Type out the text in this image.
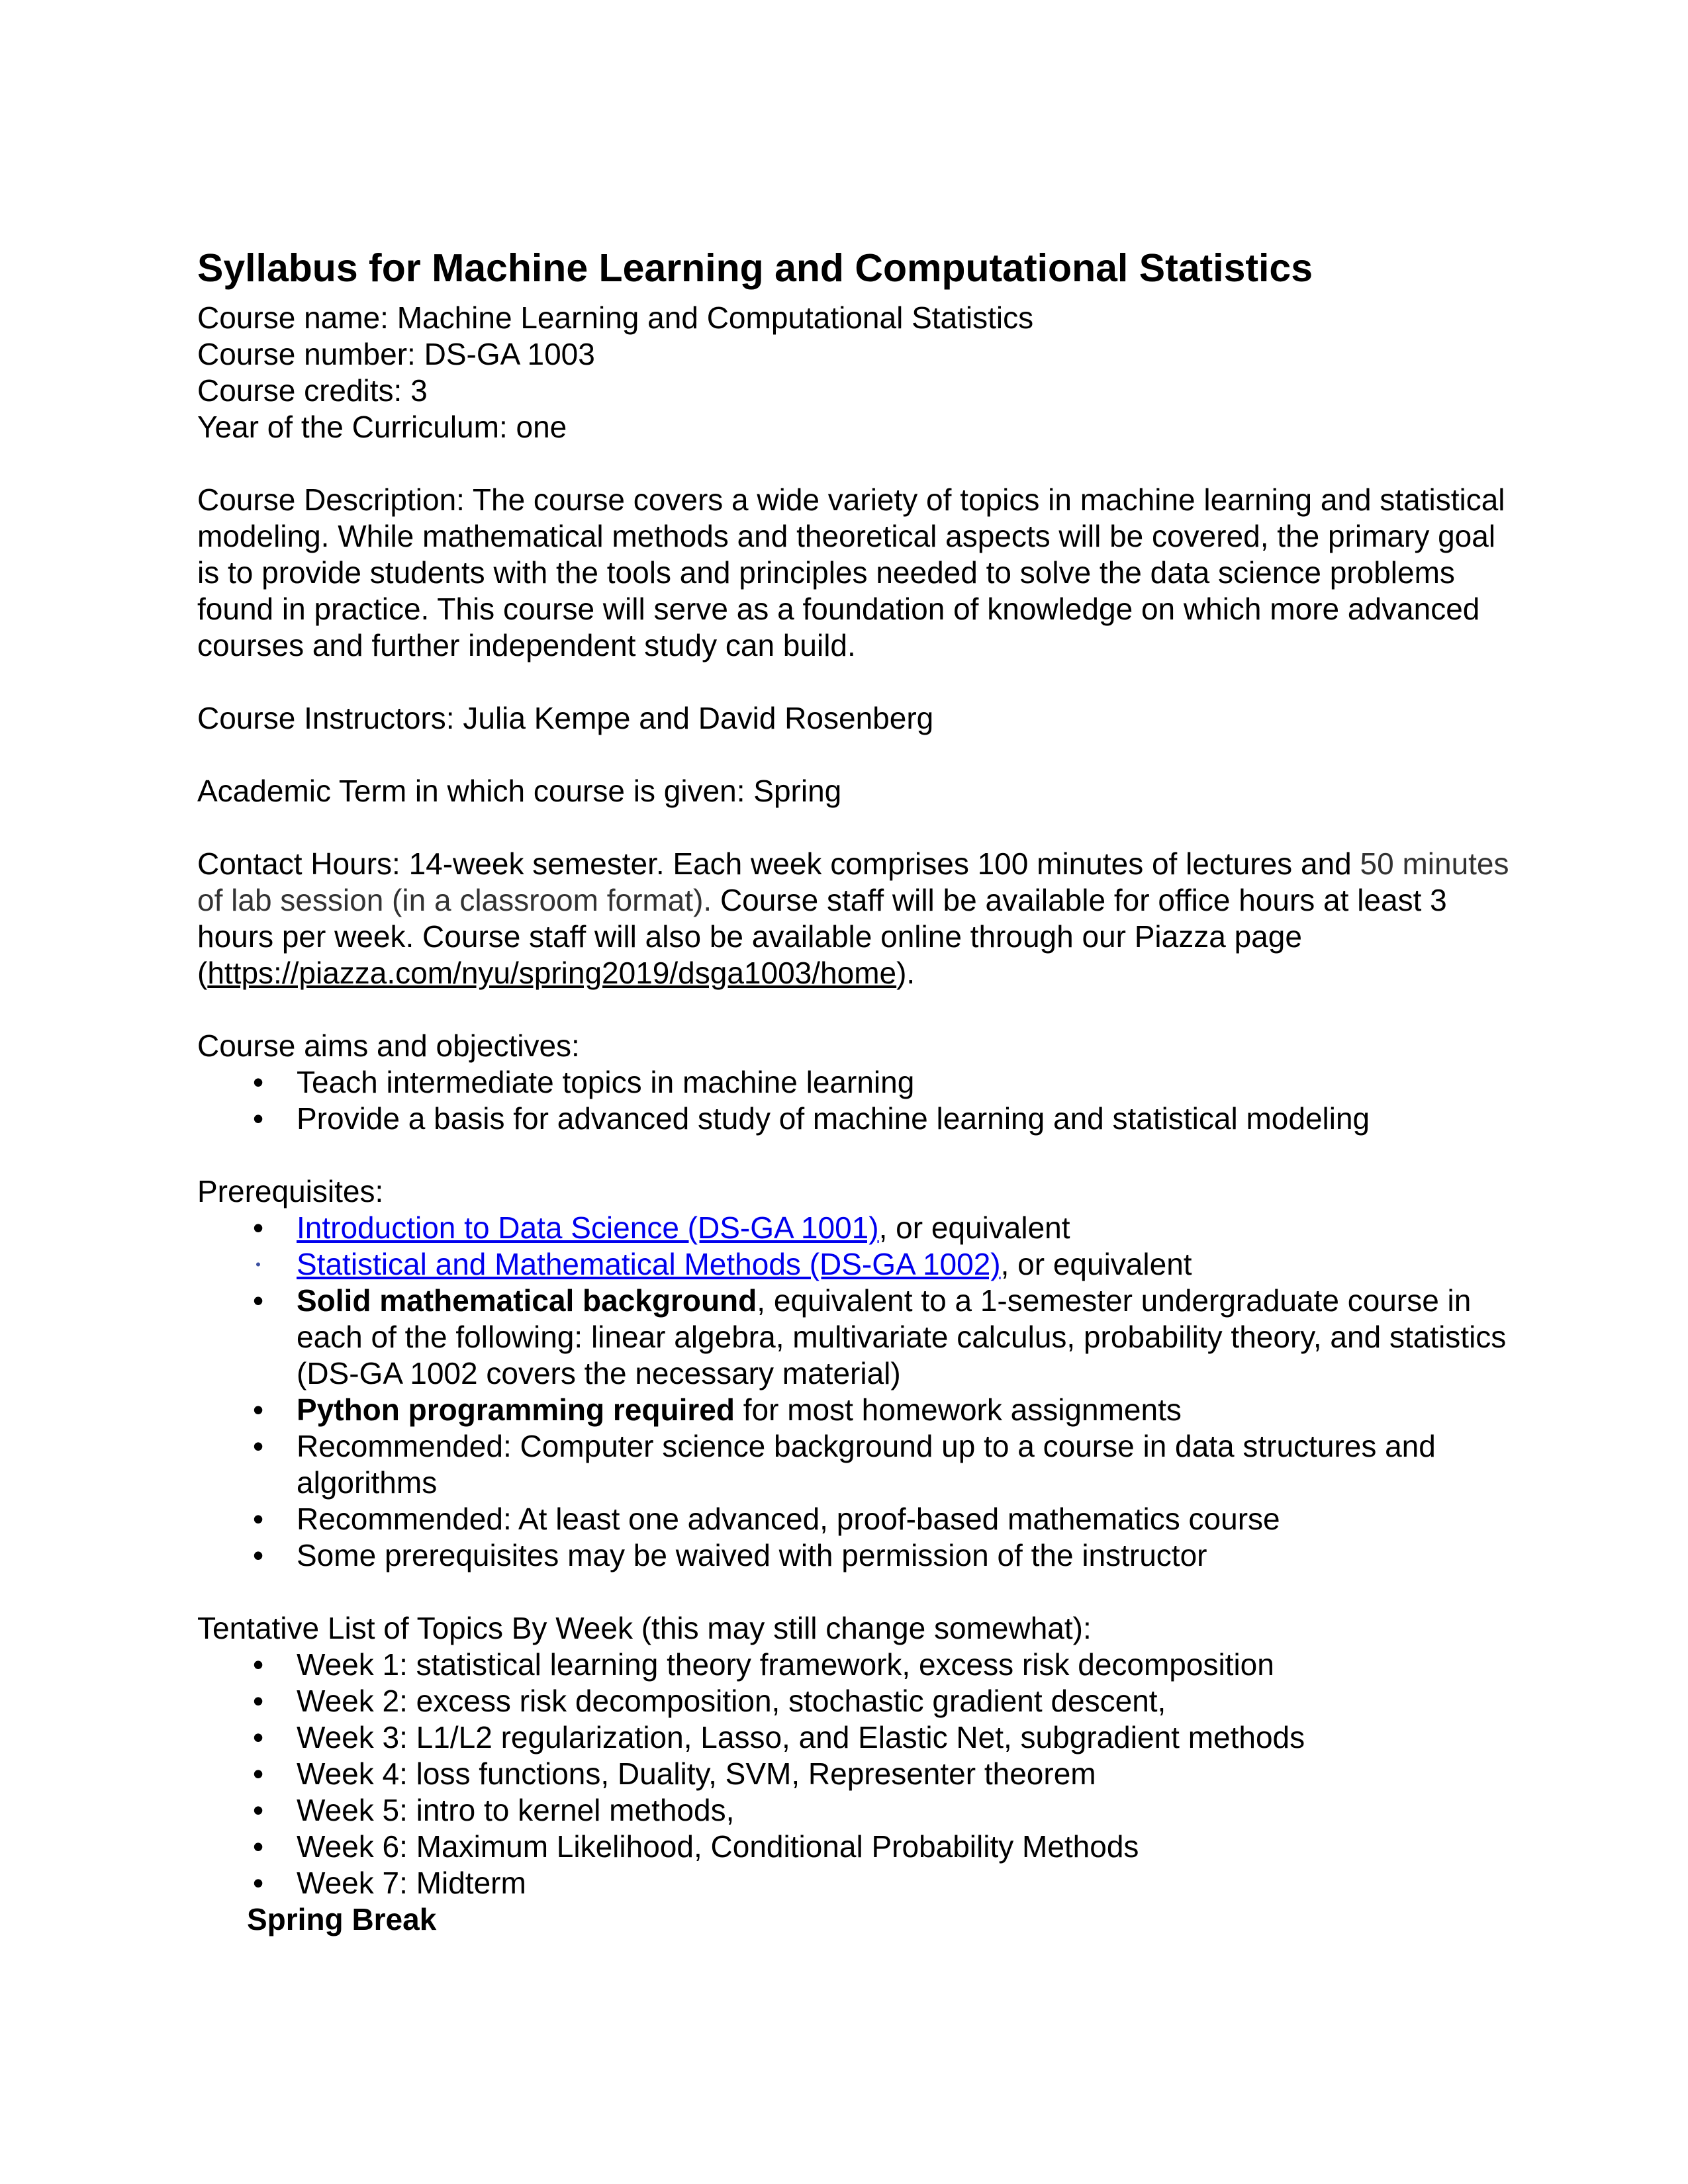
Syllabus for Machine Learning and Computational Statistics

Course name: Machine Learning and Computational Statistics

Course number: DS-GA 1003

Course credits: 3

Year of the Curriculum: one

Course Description: The course covers a wide variety of topics in machine learning and statistical modeling. While mathematical methods and theoretical aspects will be covered, the primary goal is to provide students with the tools and principles needed to solve the data science problems found in practice. This course will serve as a foundation of knowledge on which more advanced courses and further independent study can build.

Course Instructors: Julia Kempe and David Rosenberg

Academic Term in which course is given: Spring

Contact Hours: 14-week semester. Each week comprises 100 minutes of lectures and 50 minutes of lab session (in a classroom format). Course staff will be available for office hours at least 3 hours per week. Course staff will also be available online through our Piazza page (https://piazza.com/nyu/spring2019/dsga1003/home).

Course aims and objectives:

• Teach intermediate topics in machine learning
• Provide a basis for advanced study of machine learning and statistical modeling

Prerequisites:

• Introduction to Data Science (DS-GA 1001), or equivalent
• Statistical and Mathematical Methods (DS-GA 1002), or equivalent
• Solid mathematical background, equivalent to a 1-semester undergraduate course in each of the following: linear algebra, multivariate calculus, probability theory, and statistics (DS-GA 1002 covers the necessary material)
• Python programming required for most homework assignments
• Recommended: Computer science background up to a course in data structures and algorithms
• Recommended: At least one advanced, proof-based mathematics course
• Some prerequisites may be waived with permission of the instructor

Tentative List of Topics By Week (this may still change somewhat):

• Week 1: statistical learning theory framework, excess risk decomposition
• Week 2: excess risk decomposition, stochastic gradient descent,
• Week 3: L1/L2 regularization, Lasso, and Elastic Net, subgradient methods
• Week 4: loss functions, Duality, SVM, Representer theorem
• Week 5: intro to kernel methods,
• Week 6: Maximum Likelihood, Conditional Probability Methods
• Week 7: Midterm

Spring Break
